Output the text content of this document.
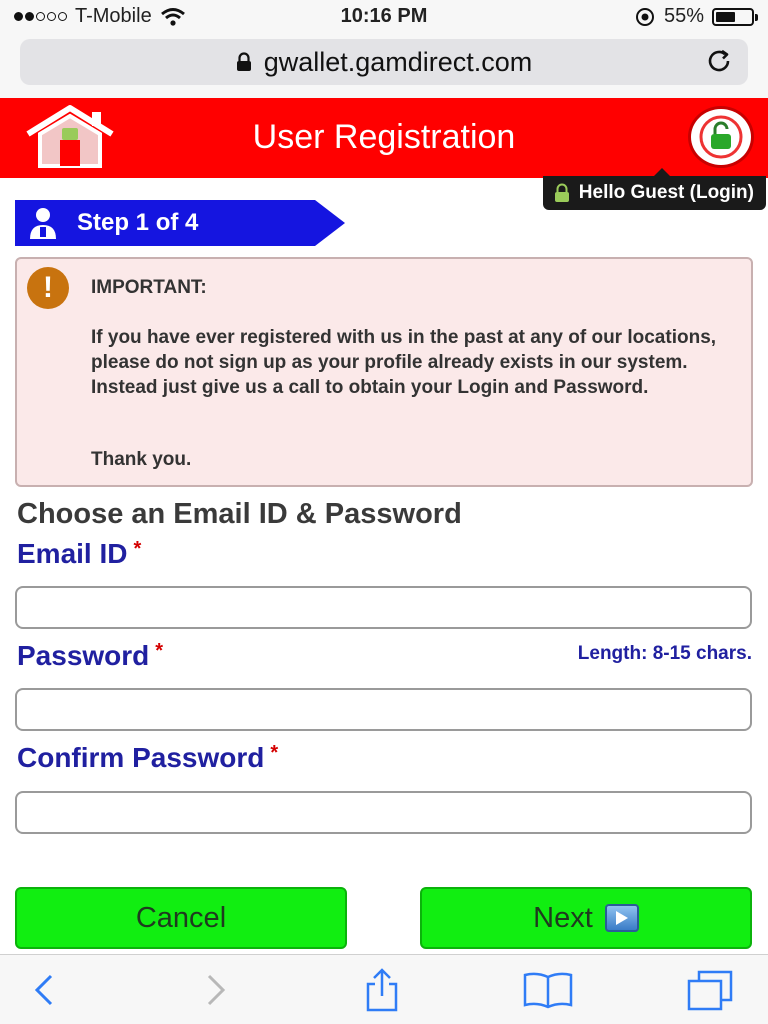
T-Mobile	10:16 PM	55%
gwallet.gamdirect.com
User Registration
Hello Guest (Login)
Step 1 of 4
!	IMPORTANT:
If you have ever registered with us in the past at any of our locations, please do not sign up as your profile already exists in our system. Instead just give us a call to obtain your Login and Password.
Thank you.
Choose an Email ID & Password
Email ID *
Password *	Length: 8-15 chars.
Confirm Password *
Cancel	Next
